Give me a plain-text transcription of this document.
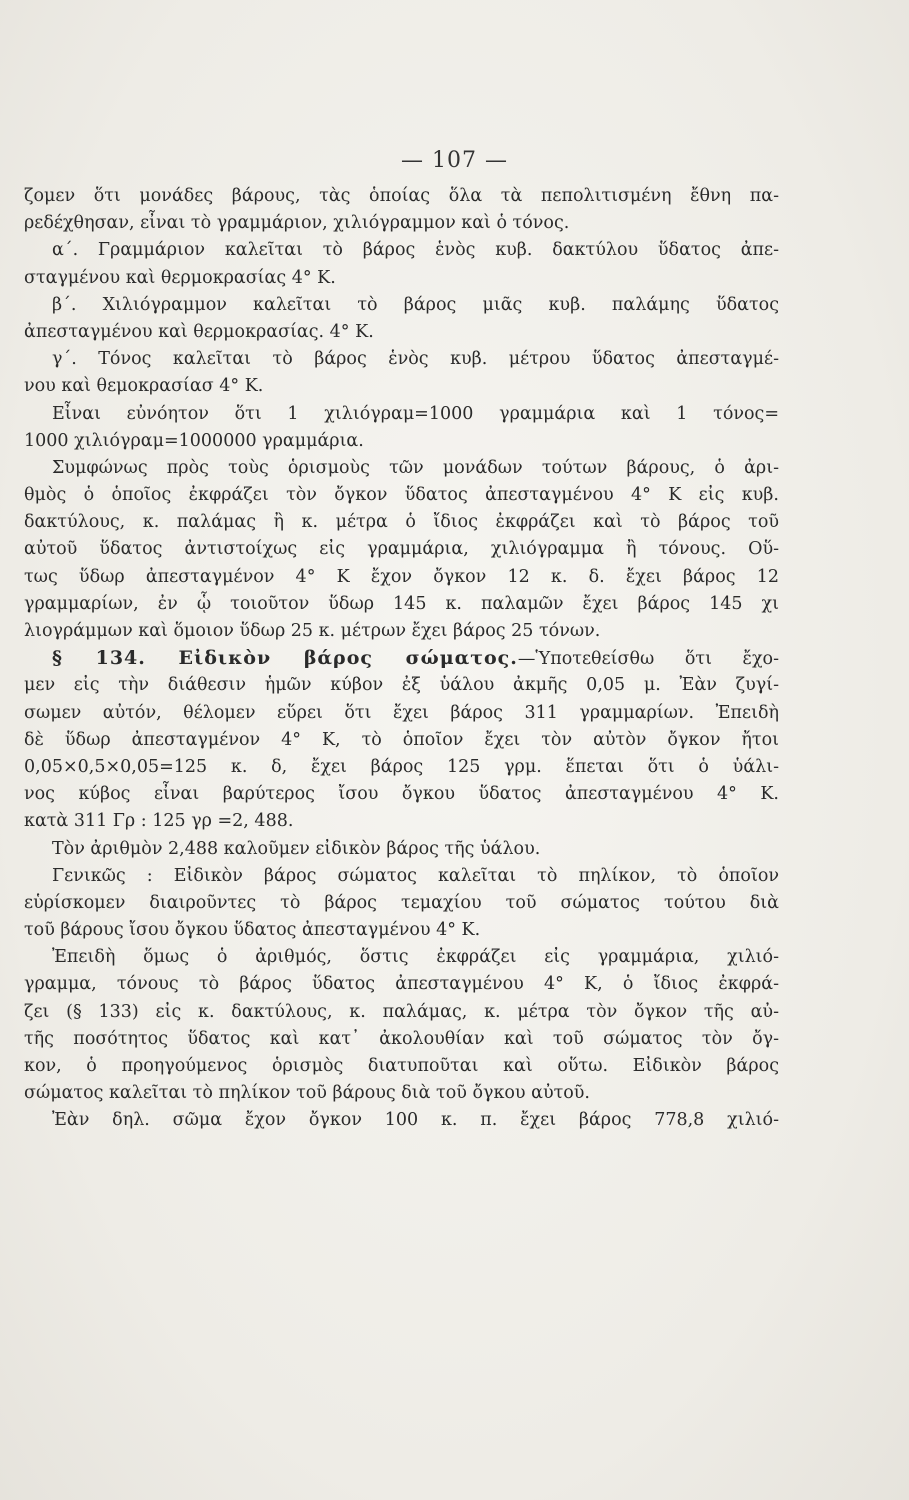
— 107 —
ζομεν ὅτι μονάδες βάρους, τὰς ὁποίας ὅλα τὰ πεπολιτισμένη ἔθνη πα-
ρεδέχθησαν, εἶναι τὸ γραμμάριον, χιλιόγραμμον καὶ ὁ τόνος.
α΄. Γραμμάριον καλεῖται τὸ βάρος ἑνὸς κυβ. δακτύλου ὕδατος ἀπε-
σταγμένου καὶ θερμοκρασίας 4° Κ.
β΄. Χιλιόγραμμον καλεῖται τὸ βάρος μιᾶς κυβ. παλάμης ὕδατος
ἀπεσταγμένου καὶ θερμοκρασίας. 4° Κ.
γ΄. Τόνος καλεῖται τὸ βάρος ἑνὸς κυβ. μέτρου ὕδατος ἀπεσταγμέ-
νου καὶ θεμοκρασίασ 4° Κ.
Εἶναι εὐνόητον ὅτι 1 χιλιόγραμ=1000 γραμμάρια καὶ 1 τόνος=
1000 χιλιόγραμ=1000000 γραμμάρια.
Συμφώνως πρὸς τοὺς ὁρισμοὺς τῶν μονάδων τούτων βάρους, ὁ ἀρι-
θμὸς ὁ ὁποῖος ἐκφράζει τὸν ὄγκον ὕδατος ἀπεσταγμένου 4° Κ εἰς κυβ.
δακτύλους, κ. παλάμας ἢ κ. μέτρα ὁ ἴδιος ἐκφράζει καὶ τὸ βάρος τοῦ
αὐτοῦ ὕδατος ἀντιστοίχως εἰς γραμμάρια, χιλιόγραμμα ἢ τόνους. Οὕ-
τως ὕδωρ ἀπεσταγμένον 4° Κ ἔχον ὄγκον 12 κ. δ. ἔχει βάρος 12
γραμμαρίων, ἐν ᾧ τοιοῦτον ὕδωρ 145 κ. παλαμῶν ἔχει βάρος 145 χι
λιογράμμων καὶ ὅμοιον ὕδωρ 25 κ. μέτρων ἔχει βάρος 25 τόνων.
§ 134. Εἰδικὸν βάρος σώματος.—Ὑποτεθείσθω ὅτι ἔχο-
μεν εἰς τὴν διάθεσιν ἡμῶν κύβον ἐξ ὑάλου ἀκμῆς 0,05 μ. Ἐὰν ζυγί-
σωμεν αὐτόν, θέλομεν εὕρει ὅτι ἔχει βάρος 311 γραμμαρίων. Ἐπειδὴ
δὲ ὕδωρ ἀπεσταγμένον 4° Κ, τὸ ὁποῖον ἔχει τὸν αὐτὸν ὄγκον ἤτοι
0,05×0,5×0,05=125 κ. δ, ἔχει βάρος 125 γρμ. ἕπεται ὅτι ὁ ὑάλι-
νος κύβος εἶναι βαρύτερος ἴσου ὄγκου ὕδατος ἀπεσταγμένου 4° Κ.
κατὰ 311 Γρ : 125 γρ =2, 488.
Τὸν ἀριθμὸν 2,488 καλοῦμεν εἰδικὸν βάρος τῆς ὑάλου.
Γενικῶς : Εἰδικὸν βάρος σώματος καλεῖται τὸ πηλίκον, τὸ ὁποῖον
εὑρίσκομεν διαιροῦντες τὸ βάρος τεμαχίου τοῦ σώματος τούτου διὰ
τοῦ βάρους ἴσου ὄγκου ὕδατος ἀπεσταγμένου 4° Κ.
Ἐπειδὴ ὅμως ὁ ἀριθμός, ὅστις ἐκφράζει εἰς γραμμάρια, χιλιό-
γραμμα, τόνους τὸ βάρος ὕδατος ἀπεσταγμένου 4° Κ, ὁ ἴδιος ἐκφρά-
ζει (§ 133) εἰς κ. δακτύλους, κ. παλάμας, κ. μέτρα τὸν ὄγκον τῆς αὐ-
τῆς ποσότητος ὕδατος καὶ κατ᾽ ἀκολουθίαν καὶ τοῦ σώματος τὸν ὄγ-
κον, ὁ προηγούμενος ὁρισμὸς διατυποῦται καὶ οὕτω. Εἰδικὸν βάρος
σώματος καλεῖται τὸ πηλίκον τοῦ βάρους διὰ τοῦ ὄγκου αὐτοῦ.
Ἐὰν δηλ. σῶμα ἔχον ὄγκον 100 κ. π. ἔχει βάρος 778,8 χιλιό-
